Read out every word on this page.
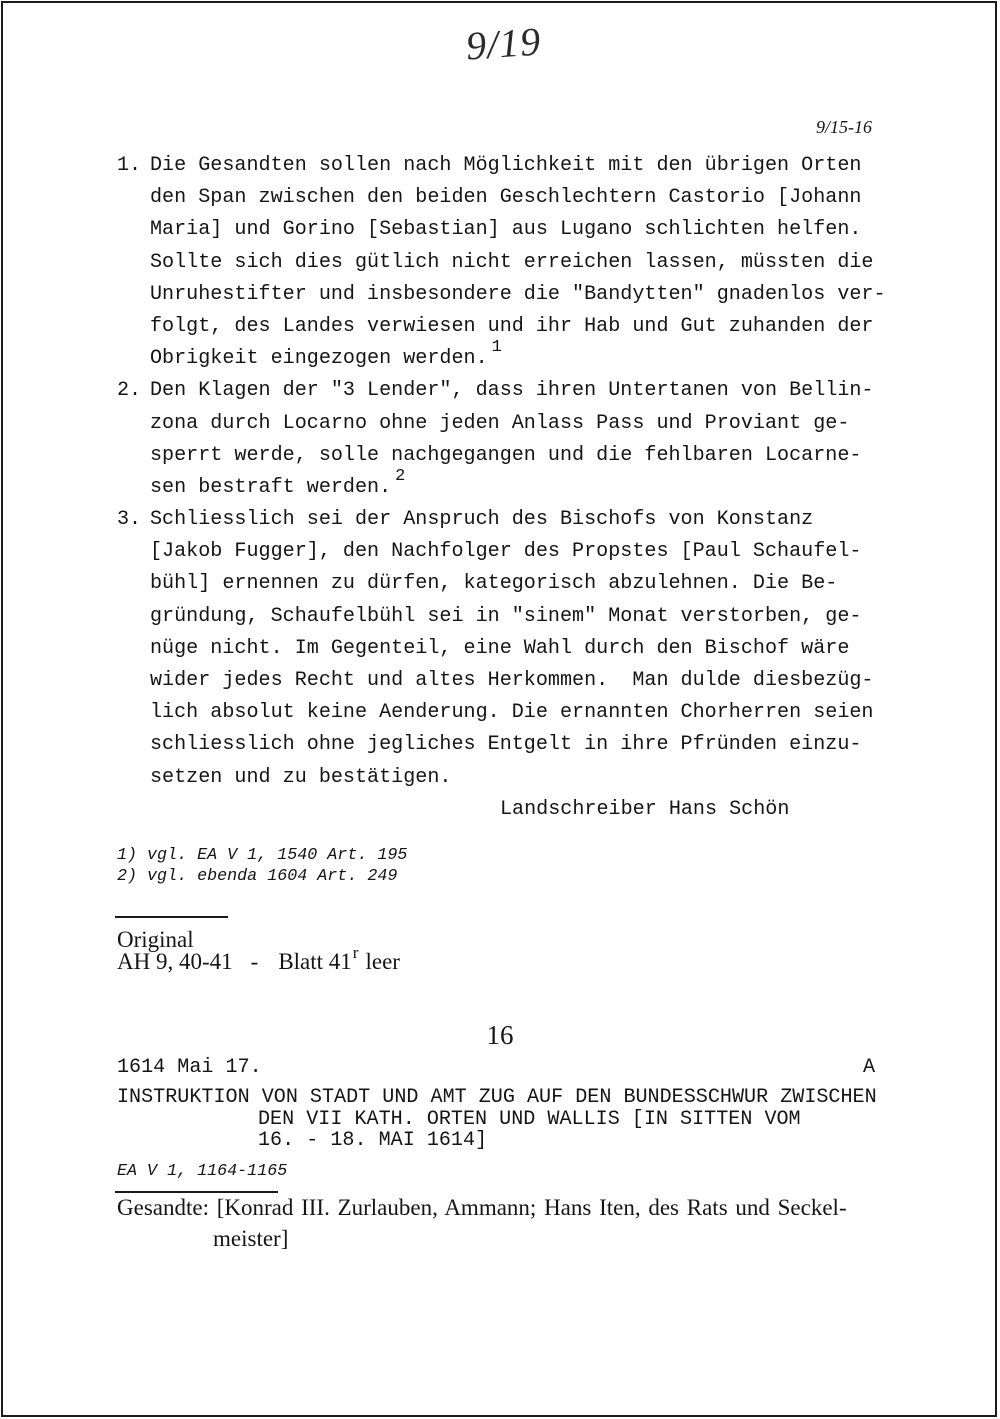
9/19
9/15-16
1. Die Gesandten sollen nach Möglichkeit mit den übrigen Orten
den Span zwischen den beiden Geschlechtern Castorio [Johann
Maria] und Gorino [Sebastian] aus Lugano schlichten helfen.
Sollte sich dies gütlich nicht erreichen lassen, müssten die
Unruhestifter und insbesondere die "Bandytten" gnadenlos ver-
folgt, des Landes verwiesen und ihr Hab und Gut zuhanden der
Obrigkeit eingezogen werden. $^1$
2. Den Klagen der "3 Lender", dass ihren Untertanen von Bellin-
zona durch Locarno ohne jeden Anlass Pass und Proviant ge-
sperrt werde, solle nachgegangen und die fehlbaren Locarne-
sen bestraft werden. $^2$
3. Schliesslich sei der Anspruch des Bischofs von Konstanz
[Jakob Fugger], den Nachfolger des Propstes [Paul Schaufel-
bühl] ernennen zu dürfen, kategorisch abzulehnen. Die Be-
gründung, Schaufelbühl sei in "sinem" Monat verstorben, ge-
nüge nicht. Im Gegenteil, eine Wahl durch den Bischof wäre
wider jedes Recht und altes Herkommen.  Man dulde diesbezüg-
lich absolut keine Aenderung. Die ernannten Chorherren seien
schliesslich ohne jegliches Entgelt in ihre Pfründen einzu-
setzen und zu bestätigen.
Landschreiber Hans Schön
1) vgl. EA V 1, 1540 Art. 195
2) vgl. ebenda 1604 Art. 249
Original
AH 9, 40-41 - Blatt 41$^r$ leer
16
1614 Mai 17.	A
INSTRUKTION VON STADT UND AMT ZUG AUF DEN BUNDESSCHWUR ZWISCHEN
DEN VII KATH. ORTEN UND WALLIS [IN SITTEN VOM
16. - 18. MAI 1614]
EA V 1, 1164-1165
Gesandte: [Konrad III. Zurlauben, Ammann; Hans Iten, des Rats und Seckel-
meister]
